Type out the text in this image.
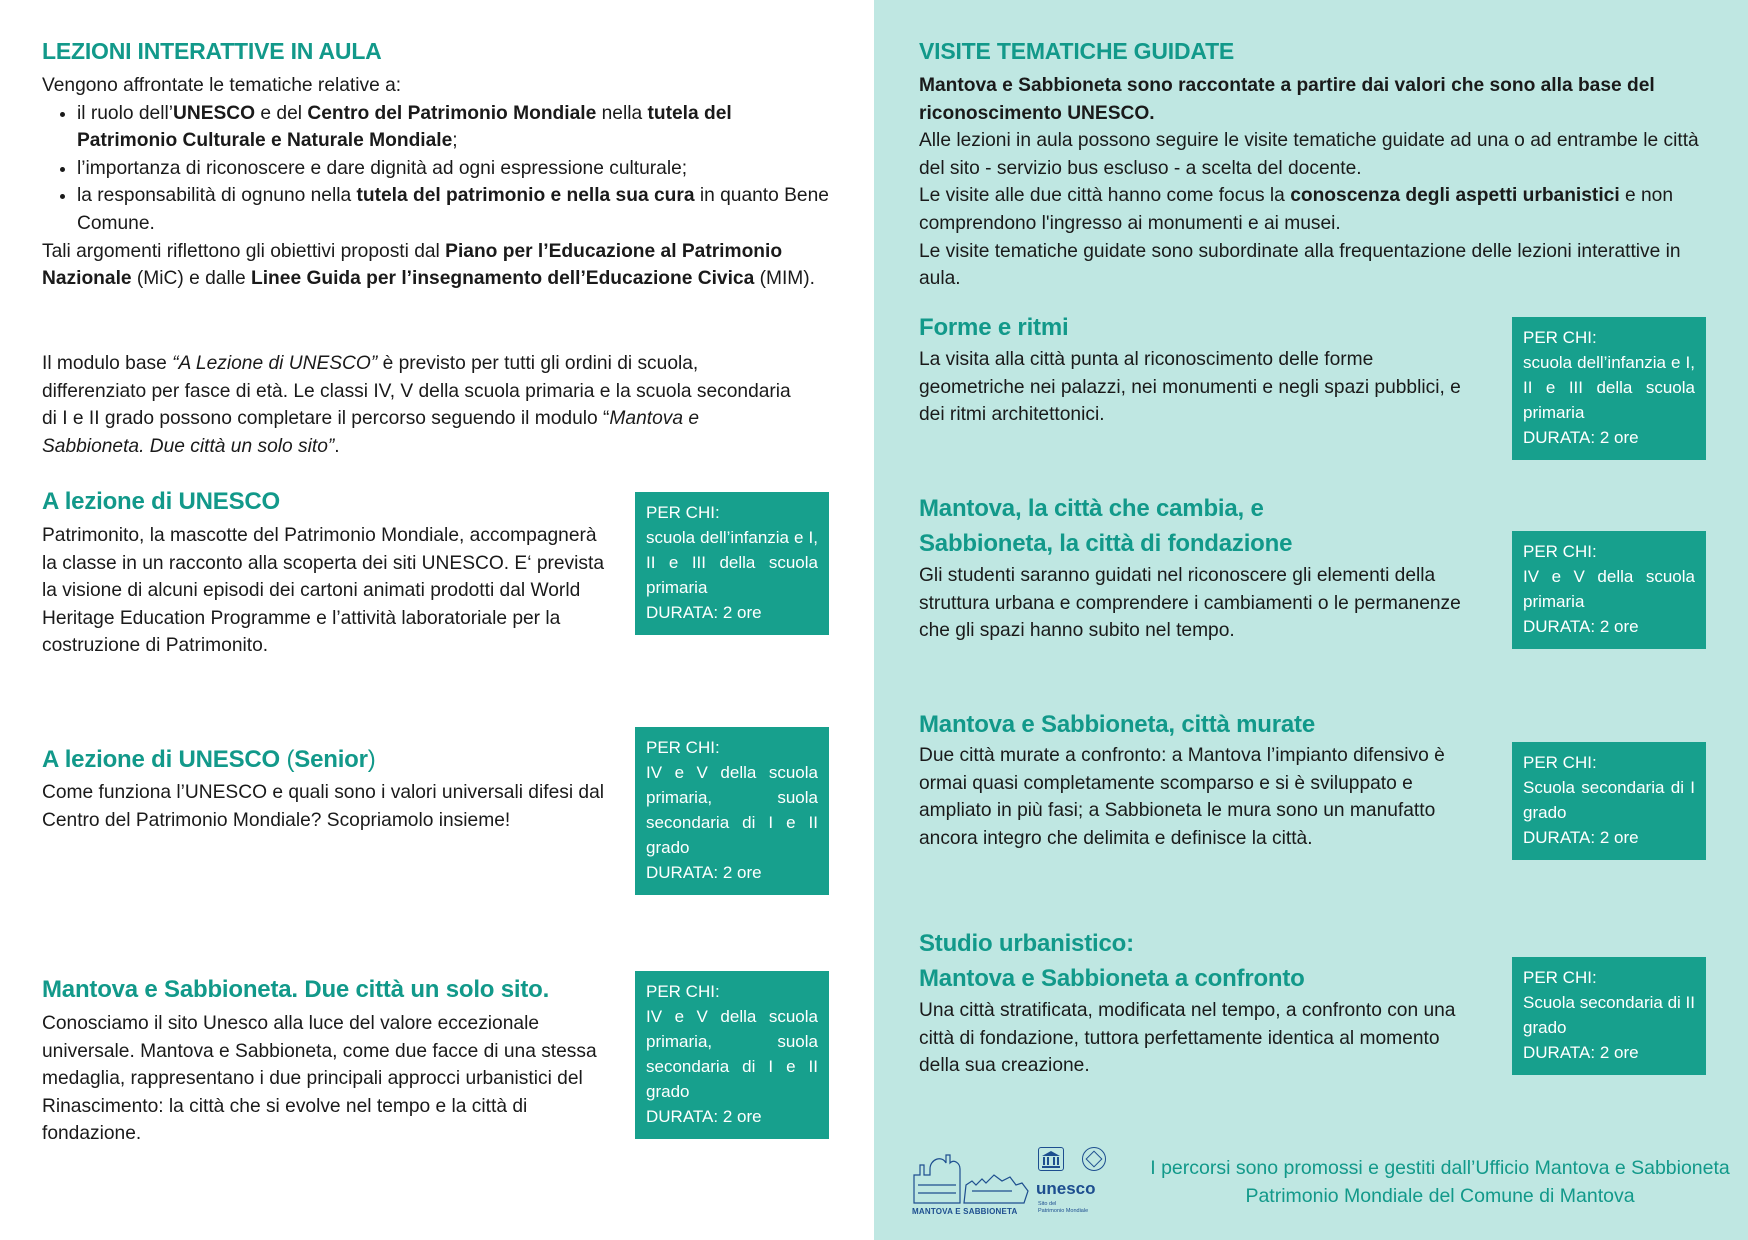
LEZIONI INTERATTIVE IN AULA
Vengono affrontate le tematiche relative a:
• il ruolo dell’UNESCO e del Centro del Patrimonio Mondiale nella tutela del Patrimonio Culturale e Naturale Mondiale;
• l’importanza di riconoscere e dare dignità ad ogni espressione culturale;
• la responsabilità di ognuno nella tutela del patrimonio e nella sua cura in quanto Bene Comune.
Tali argomenti riflettono gli obiettivi proposti dal Piano per l’Educazione al Patrimonio Nazionale (MiC) e dalle Linee Guida per l’insegnamento dell’Educazione Civica (MIM).
Il modulo base “A Lezione di UNESCO” è previsto per tutti gli ordini di scuola, differenziato per fasce di età. Le classi IV, V della scuola primaria e la scuola secondaria di I e II grado possono completare il percorso seguendo il modulo “Mantova e Sabbioneta. Due città un solo sito”.
A lezione di UNESCO
Patrimonito, la mascotte del Patrimonio Mondiale, accompagnerà la classe in un racconto alla scoperta dei siti UNESCO. E‘ prevista la visione di alcuni episodi dei cartoni animati prodotti dal World Heritage Education Programme e l’attività laboratoriale per la costruzione di Patrimonito.
PER CHI:
scuola dell’infanzia e I, II e III della scuola primaria
DURATA: 2 ore
A lezione di UNESCO (Senior)
Come funziona l’UNESCO e quali sono i valori universali difesi dal Centro del Patrimonio Mondiale? Scopriamolo insieme!
PER CHI:
IV e V della scuola primaria, suola secondaria di I e II grado
DURATA: 2 ore
Mantova e Sabbioneta. Due città un solo sito.
Conosciamo il sito Unesco alla luce del valore eccezionale universale. Mantova e Sabbioneta, come due facce di una stessa medaglia, rappresentano i due principali approcci urbanistici del Rinascimento: la città che si evolve nel tempo e la città di fondazione.
PER CHI:
IV e V della scuola primaria, suola secondaria di I e II grado
DURATA: 2 ore
VISITE TEMATICHE GUIDATE
Mantova e Sabbioneta sono raccontate a partire dai valori che sono alla base del riconoscimento UNESCO.
Alle lezioni in aula possono seguire le visite tematiche guidate ad una o ad entrambe le città del sito - servizio bus escluso - a scelta del docente.
Le visite alle due città hanno come focus la conoscenza degli aspetti urbanistici e non comprendono l'ingresso ai monumenti e ai musei.
Le visite tematiche guidate sono subordinate alla frequentazione delle lezioni interattive in aula.
Forme e ritmi
La visita alla città punta al riconoscimento delle forme geometriche nei palazzi, nei monumenti e negli spazi pubblici, e dei ritmi architettonici.
PER CHI:
scuola dell’infanzia e I, II e III della scuola primaria
DURATA: 2 ore
Mantova, la città che cambia, e
Sabbioneta, la città di fondazione
Gli studenti saranno guidati nel riconoscere gli elementi della struttura urbana e comprendere i cambiamenti o le permanenze che gli spazi hanno subito nel tempo.
PER CHI:
IV e V della scuola primaria
DURATA: 2 ore
Mantova e Sabbioneta, città murate
Due città murate a confronto: a Mantova l’impianto difensivo è ormai quasi completamente scomparso e si è sviluppato e ampliato in più fasi; a Sabbioneta le mura sono un manufatto ancora integro che delimita e definisce la città.
PER CHI:
Scuola secondaria di I grado
DURATA: 2 ore
Studio urbanistico:
Mantova e Sabbioneta a confronto
Una città stratificata, modificata nel tempo, a confronto con una città di fondazione, tuttora perfettamente identica al momento della sua creazione.
PER CHI:
Scuola secondaria di II grado
DURATA: 2 ore
MANTOVA E SABBIONETA
unesco
Sito del
Patrimonio Mondiale
I percorsi sono promossi e gestiti dall’Ufficio Mantova e Sabbioneta Patrimonio Mondiale del Comune di Mantova
